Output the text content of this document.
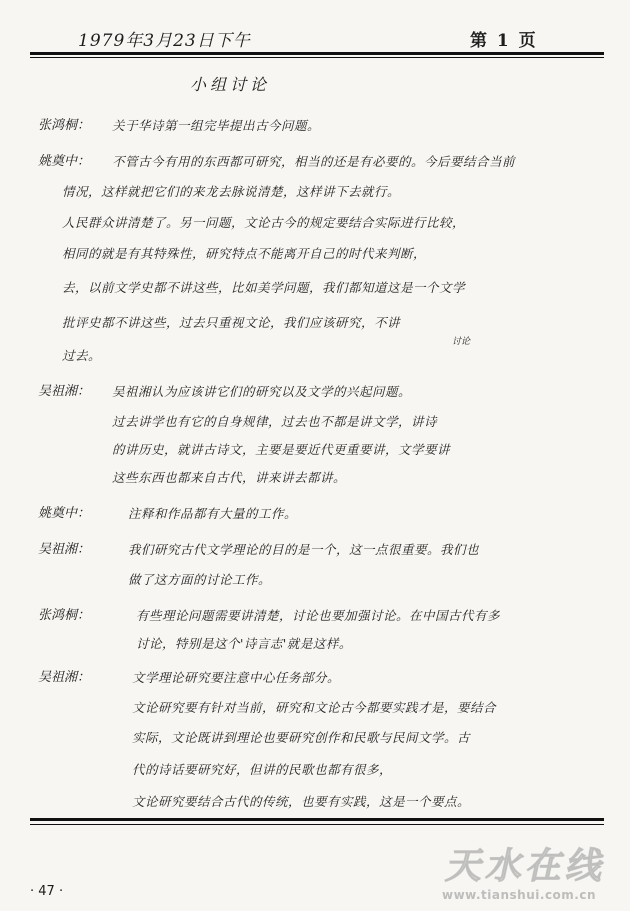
1979年3月23日下午	第 1 页
小组讨论
张鸿桐： 关于华诗第一组完毕提出古今问题。
姚奠中： 不管古今有用的东西都可研究，相当的还是有必要的。今后要结合当前
情况，这样就把它们的来龙去脉说清楚，这样讲下去就行。
人民群众讲清楚了。另一问题，文论古今的规定要结合实际进行比较，
相同的就是有其特殊性，研究特点不能离开自己的时代来判断，
去，以前文学史都不讲这些，比如美学问题，我们都知道这是一个文学
批评史都不讲这些，过去只重视文论，我们应该研究，不讲
讨论
过去。
吴祖湘： 吴祖湘认为应该讲它们的研究以及文学的兴起问题。
过去讲学也有它的自身规律，过去也不都是讲文学，讲诗
的讲历史，就讲古诗文，主要是要近代更重要讲，文学要讲
这些东西也都来自古代，讲来讲去都讲。
姚奠中：	注释和作品都有大量的工作。
吴祖湘：	我们研究古代文学理论的目的是一个，这一点很重要。我们也
做了这方面的讨论工作。
张鸿桐：	有些理论问题需要讲清楚，讨论也要加强讨论。在中国古代有多
讨论，特别是这个'诗言志'就是这样。
吴祖湘：	文学理论研究要注意中心任务部分。
文论研究要有针对当前，研究和文论古今都要实践才是，要结合
实际，文论既讲到理论也要研究创作和民歌与民间文学。古
代的诗话要研究好，但讲的民歌也都有很多，
文论研究要结合古代的传统，也要有实践，这是一个要点。
· 47 ·
天水在线
www.tianshui.com.cn
